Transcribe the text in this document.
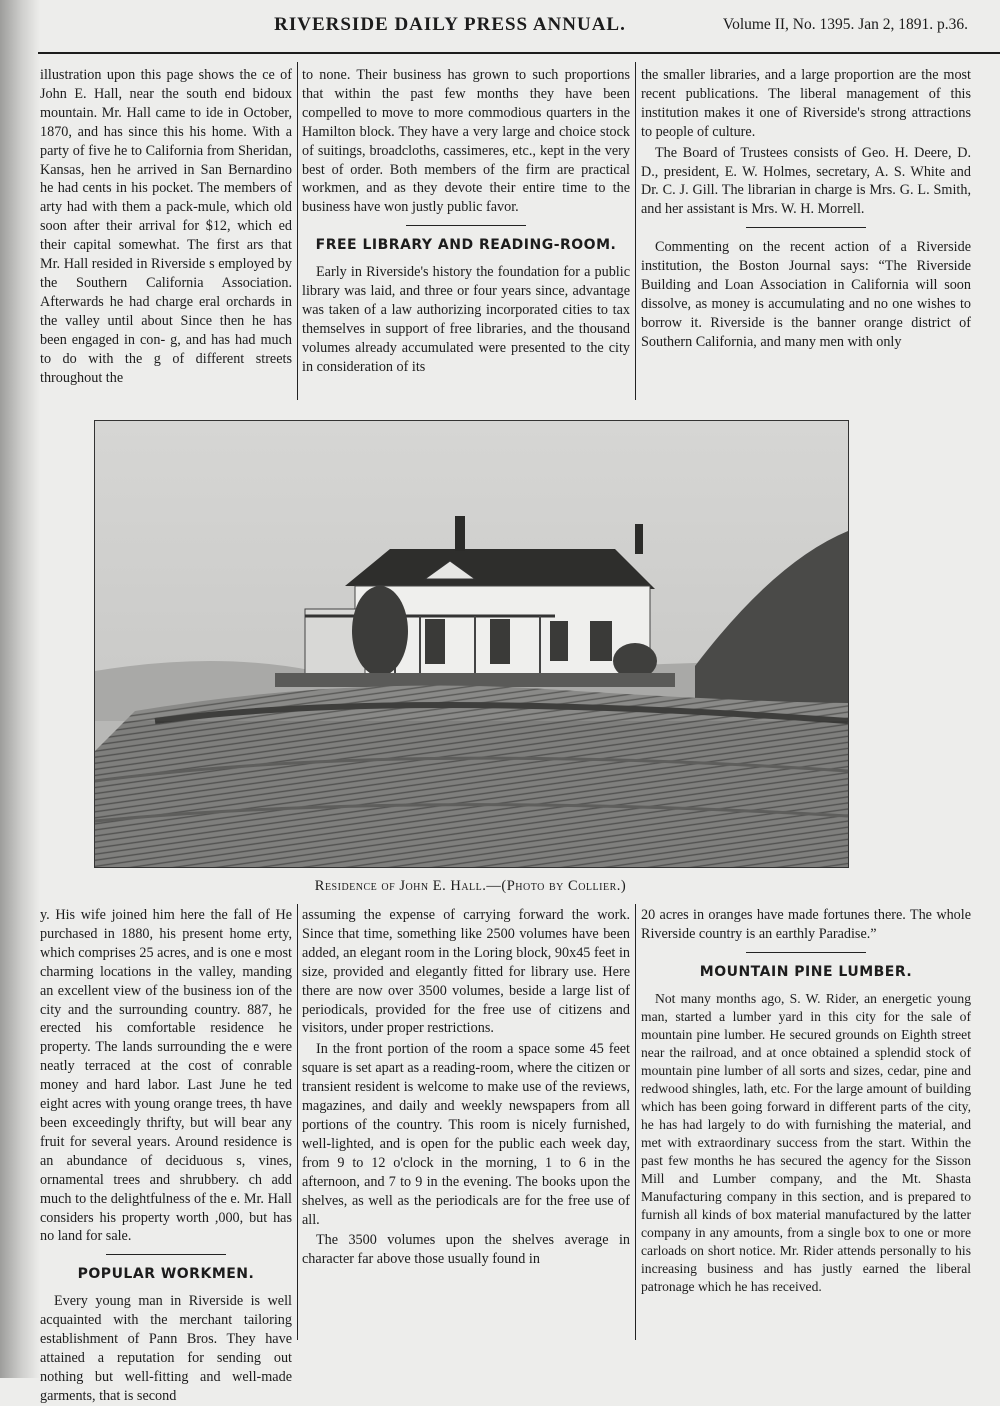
RIVERSIDE DAILY PRESS ANNUAL.	Volume II, No. 1395. Jan 2, 1891. p.36.

illustration upon this page shows the ce of John E. Hall, near the south end bidoux mountain. Mr. Hall came to ide in October, 1870, and has since this his home. With a party of five he to California from Sheridan, Kansas, hen he arrived in San Bernardino he had cents in his pocket. The members of arty had with them a pack-mule, which old soon after their arrival for $12, which ed their capital somewhat. The first ars that Mr. Hall resided in Riverside s employed by the Southern California Association. Afterwards he had charge eral orchards in the valley until about Since then he has been engaged in con- g, and has had much to do with the g of different streets throughout the

to none. Their business has grown to such proportions that within the past few months they have been compelled to move to more commodious quarters in the Hamilton block. They have a very large and choice stock of suitings, broadcloths, cassimeres, etc., kept in the very best of order. Both members of the firm are practical workmen, and as they devote their entire time to the business have won justly public favor.

FREE LIBRARY AND READING-ROOM.

Early in Riverside's history the foundation for a public library was laid, and three or four years since, advantage was taken of a law authorizing incorporated cities to tax themselves in support of free libraries, and the thousand volumes already accumulated were presented to the city in consideration of its

the smaller libraries, and a large proportion are the most recent publications. The liberal management of this institution makes it one of Riverside's strong attractions to people of culture.

The Board of Trustees consists of Geo. H. Deere, D. D., president, E. W. Holmes, secretary, A. S. White and Dr. C. J. Gill. The librarian in charge is Mrs. G. L. Smith, and her assistant is Mrs. W. H. Morrell.

Commenting on the recent action of a Riverside institution, the Boston Journal says: “The Riverside Building and Loan Association in California will soon dissolve, as money is accumulating and no one wishes to borrow it. Riverside is the banner orange district of Southern California, and many men with only

Residence of John E. Hall.—(Photo by Collier.)

y. His wife joined him here the fall of He purchased in 1880, his present home erty, which comprises 25 acres, and is one e most charming locations in the valley, manding an excellent view of the business ion of the city and the surrounding country. 887, he erected his comfortable residence he property. The lands surrounding the e were neatly terraced at the cost of conrable money and hard labor. Last June he ted eight acres with young orange trees, th have been exceedingly thrifty, but will bear any fruit for several years. Around residence is an abundance of deciduous s, vines, ornamental trees and shrubbery. ch add much to the delightfulness of the e. Mr. Hall considers his property worth ,000, but has no land for sale.

POPULAR WORKMEN.

Every young man in Riverside is well acquainted with the merchant tailoring establishment of Pann Bros. They have attained a reputation for sending out nothing but well-fitting and well-made garments, that is second

assuming the expense of carrying forward the work. Since that time, something like 2500 volumes have been added, an elegant room in the Loring block, 90x45 feet in size, provided and elegantly fitted for library use. Here there are now over 3500 volumes, beside a large list of periodicals, provided for the free use of citizens and visitors, under proper restrictions.

In the front portion of the room a space some 45 feet square is set apart as a reading-room, where the citizen or transient resident is welcome to make use of the reviews, magazines, and daily and weekly newspapers from all portions of the country. This room is nicely furnished, well-lighted, and is open for the public each week day, from 9 to 12 o'clock in the morning, 1 to 6 in the afternoon, and 7 to 9 in the evening. The books upon the shelves, as well as the periodicals are for the free use of all.

The 3500 volumes upon the shelves average in character far above those usually found in

20 acres in oranges have made fortunes there. The whole Riverside country is an earthly Paradise.”

MOUNTAIN PINE LUMBER.

Not many months ago, S. W. Rider, an energetic young man, started a lumber yard in this city for the sale of mountain pine lumber. He secured grounds on Eighth street near the railroad, and at once obtained a splendid stock of mountain pine lumber of all sorts and sizes, cedar, pine and redwood shingles, lath, etc. For the large amount of building which has been going forward in different parts of the city, he has had largely to do with furnishing the material, and met with extraordinary success from the start. Within the past few months he has secured the agency for the Sisson Mill and Lumber company, and the Mt. Shasta Manufacturing company in this section, and is prepared to furnish all kinds of box material manufactured by the latter company in any amounts, from a single box to one or more carloads on short notice. Mr. Rider attends personally to his increasing business and has justly earned the liberal patronage which he has received.
